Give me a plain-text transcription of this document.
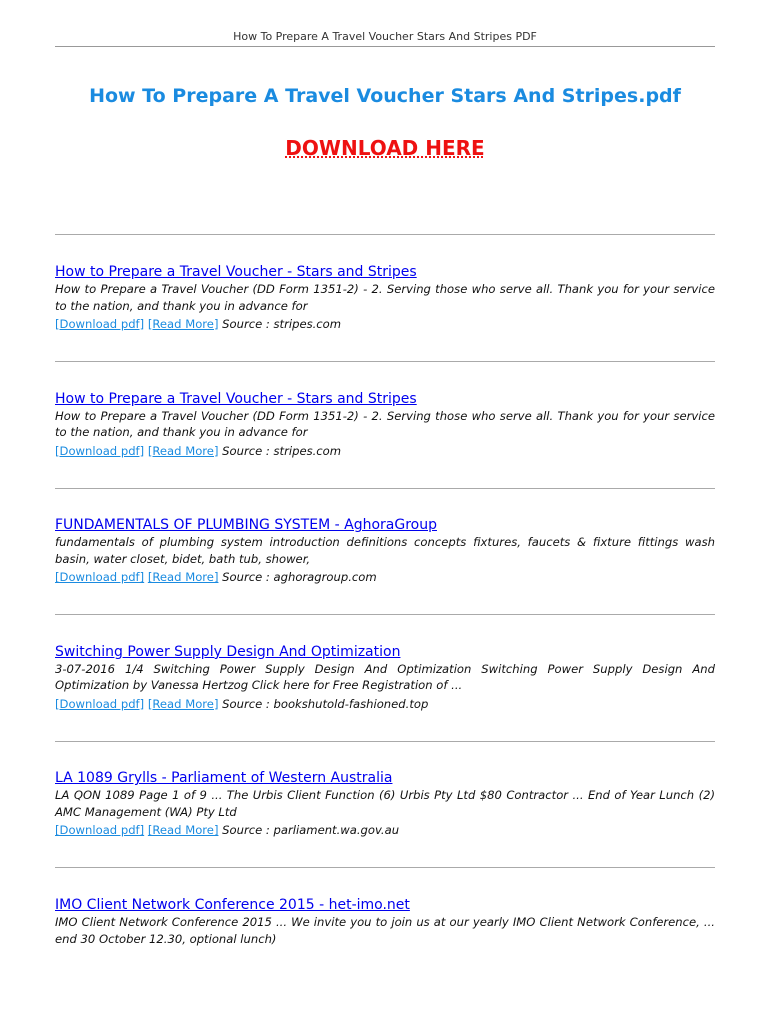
How To Prepare A Travel Voucher Stars And Stripes PDF
How To Prepare A Travel Voucher Stars And Stripes.pdf
DOWNLOAD HERE
How to Prepare a Travel Voucher - Stars and Stripes
How to Prepare a Travel Voucher (DD Form 1351-2) - 2. Serving those who serve all. Thank you for your service to the nation, and thank you in advance for
[Download pdf] [Read More] Source : stripes.com
How to Prepare a Travel Voucher - Stars and Stripes
How to Prepare a Travel Voucher (DD Form 1351-2) - 2. Serving those who serve all. Thank you for your service to the nation, and thank you in advance for
[Download pdf] [Read More] Source : stripes.com
FUNDAMENTALS OF PLUMBING SYSTEM - AghoraGroup
fundamentals of plumbing system introduction definitions concepts fixtures, faucets & fixture fittings wash basin, water closet, bidet, bath tub, shower,
[Download pdf] [Read More] Source : aghoragroup.com
Switching Power Supply Design And Optimization
3-07-2016 1/4 Switching Power Supply Design And Optimization Switching Power Supply Design And Optimization by Vanessa Hertzog Click here for Free Registration of ...
[Download pdf] [Read More] Source : bookshutold-fashioned.top
LA 1089 Grylls - Parliament of Western Australia
LA QON 1089 Page 1 of 9 ... The Urbis Client Function (6) Urbis Pty Ltd $80 Contractor ... End of Year Lunch (2) AMC Management (WA) Pty Ltd
[Download pdf] [Read More] Source : parliament.wa.gov.au
IMO Client Network Conference 2015 - het-imo.net
IMO Client Network Conference 2015 ... We invite you to join us at our yearly IMO Client Network Conference, ... end 30 October 12.30, optional lunch)
